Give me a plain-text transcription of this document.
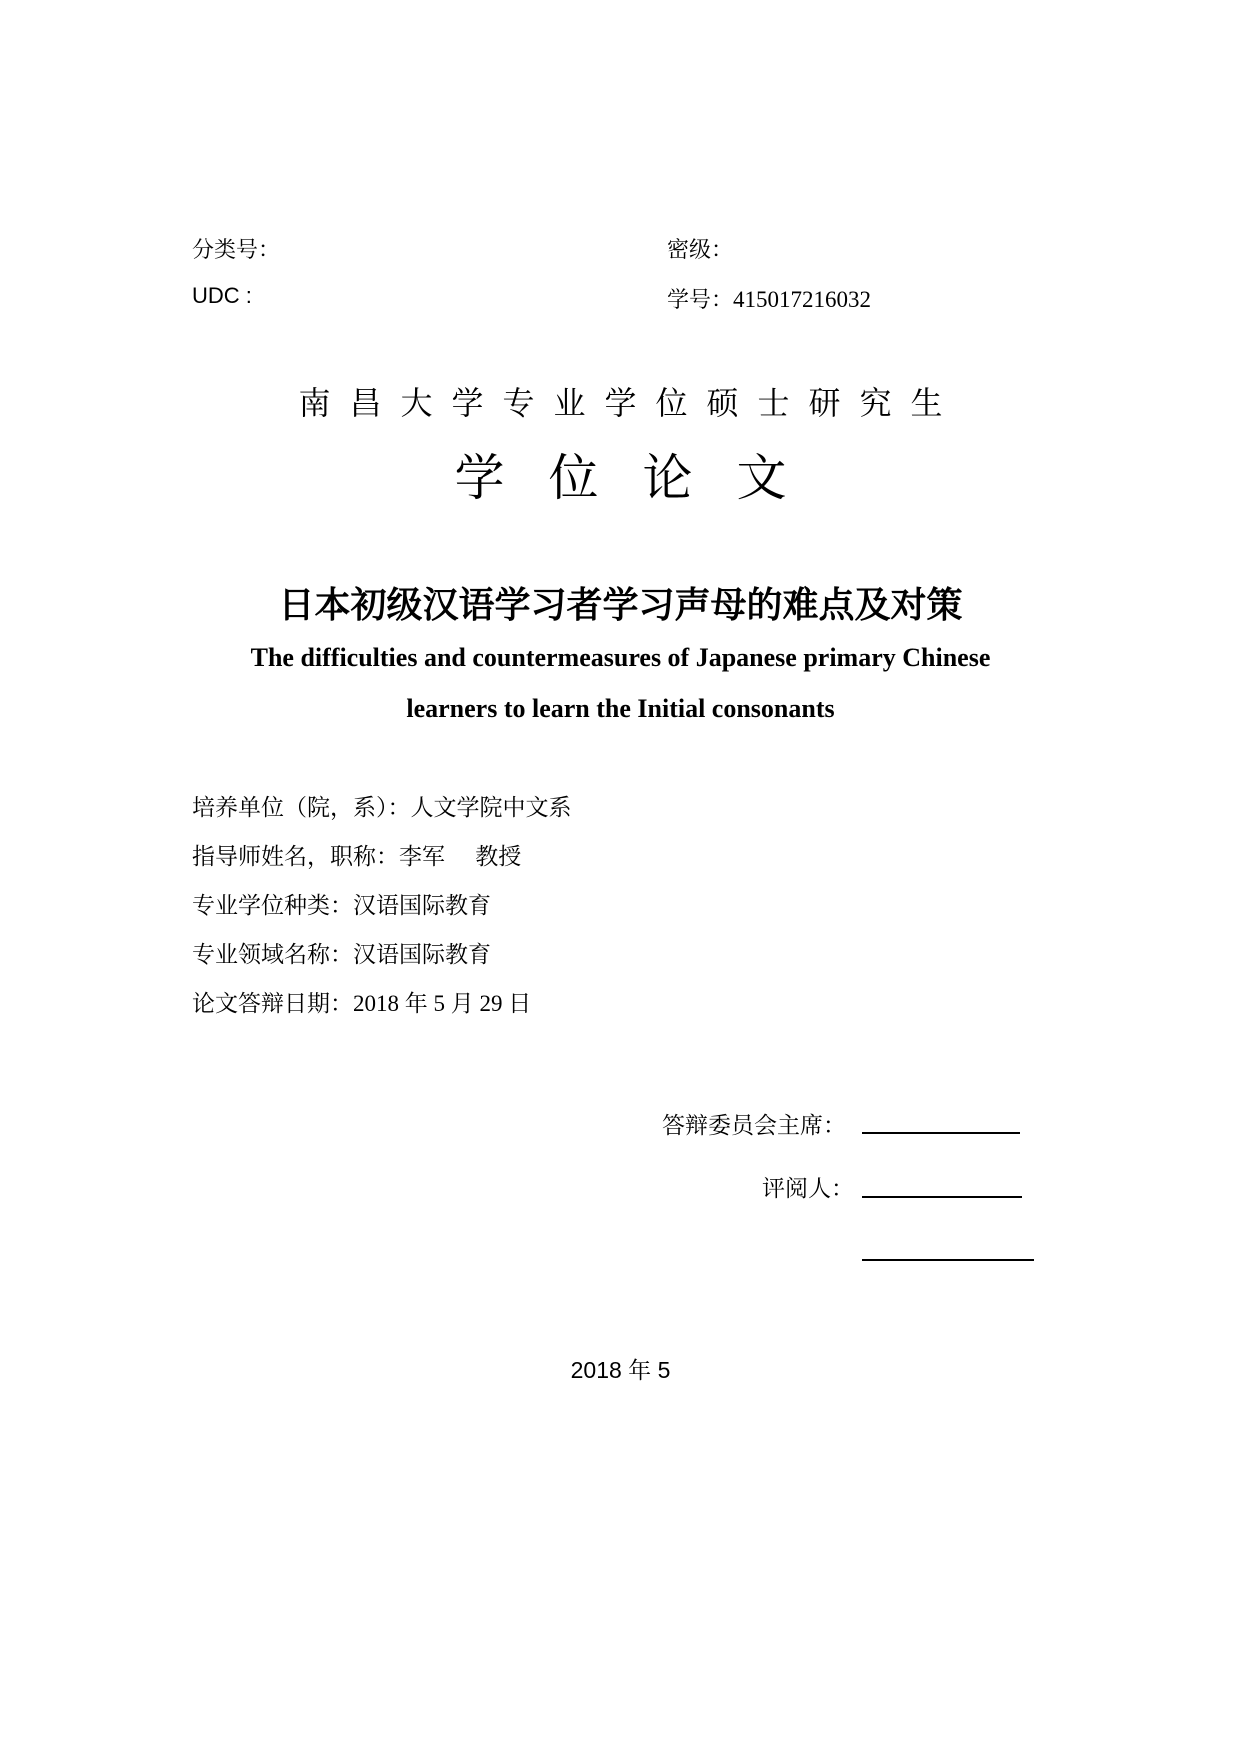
分类号：	密级：
UDC :	学号：415017216032
南昌大学专业学位硕士研究生
学位论文
日本初级汉语学习者学习声母的难点及对策
The difficulties and countermeasures of Japanese primary Chinese
learners to learn the Initial consonants
培养单位（院，系）：人文学院中文系
指导师姓名，职称：李军　 教授
专业学位种类：汉语国际教育
专业领域名称：汉语国际教育
论文答辩日期：2018 年 5 月 29 日
答辩委员会主席：
评阅人：
2018 年 5
